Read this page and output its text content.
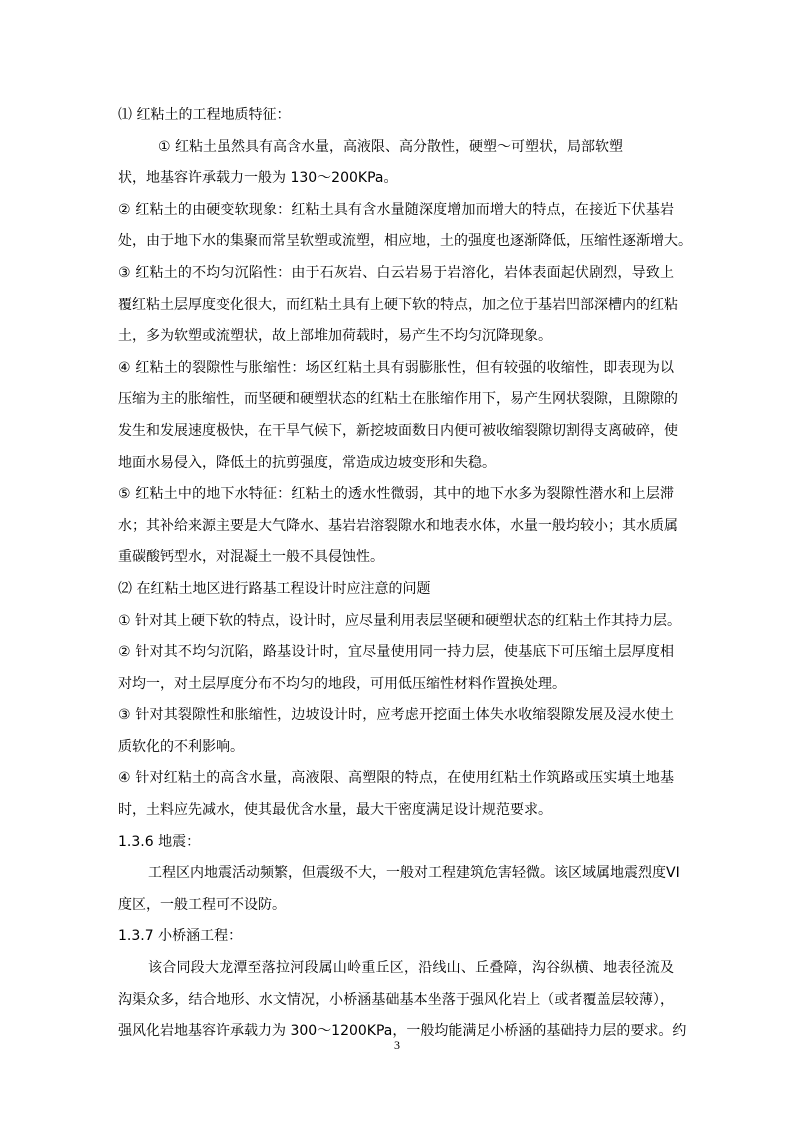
⑴ 红粘土的工程地质特征：
① 红粘土虽然具有高含水量，高液限、高分散性，硬塑～可塑状，局部软塑
状，地基容许承载力一般为 130～200KPa。
② 红粘土的由硬变软现象：红粘土具有含水量随深度增加而增大的特点，在接近下伏基岩
处，由于地下水的集聚而常呈软塑或流塑，相应地，土的强度也逐渐降低，压缩性逐渐增大。
③ 红粘土的不均匀沉陷性：由于石灰岩、白云岩易于岩溶化，岩体表面起伏剧烈，导致上
覆红粘土层厚度变化很大，而红粘土具有上硬下软的特点，加之位于基岩凹部深槽内的红粘
土，多为软塑或流塑状，故上部堆加荷载时，易产生不均匀沉降现象。
④ 红粘土的裂隙性与胀缩性：场区红粘土具有弱膨胀性，但有较强的收缩性，即表现为以
压缩为主的胀缩性，而坚硬和硬塑状态的红粘土在胀缩作用下，易产生网状裂隙，且隙隙的
发生和发展速度极快，在干旱气候下，新挖坡面数日内便可被收缩裂隙切割得支离破碎，使
地面水易侵入，降低土的抗剪强度，常造成边坡变形和失稳。
⑤ 红粘土中的地下水特征：红粘土的透水性微弱，其中的地下水多为裂隙性潜水和上层滞
水；其补给来源主要是大气降水、基岩岩溶裂隙水和地表水体，水量一般均较小；其水质属
重碳酸钙型水，对混凝土一般不具侵蚀性。
⑵ 在红粘土地区进行路基工程设计时应注意的问题
① 针对其上硬下软的特点，设计时，应尽量利用表层坚硬和硬塑状态的红粘土作其持力层。
② 针对其不均匀沉陷，路基设计时，宜尽量使用同一持力层，使基底下可压缩土层厚度相
对均一，对土层厚度分布不均匀的地段，可用低压缩性材料作置换处理。
③ 针对其裂隙性和胀缩性，边坡设计时，应考虑开挖面土体失水收缩裂隙发展及浸水使土
质软化的不利影响。
④ 针对红粘土的高含水量，高液限、高塑限的特点，在使用红粘土作筑路或压实填土地基
时，土料应先减水，使其最优含水量，最大干密度满足设计规范要求。
1.3.6 地震：
工程区内地震活动频繁，但震级不大，一般对工程建筑危害轻微。该区域属地震烈度VI
度区，一般工程可不设防。
1.3.7 小桥涵工程：
该合同段大龙潭至落拉河段属山岭重丘区，沿线山、丘叠障，沟谷纵横、地表径流及
沟渠众多，结合地形、水文情况，小桥涵基础基本坐落于强风化岩上（或者覆盖层较薄），
强风化岩地基容许承载力为 300～1200KPa，一般均能满足小桥涵的基础持力层的要求。约
3
